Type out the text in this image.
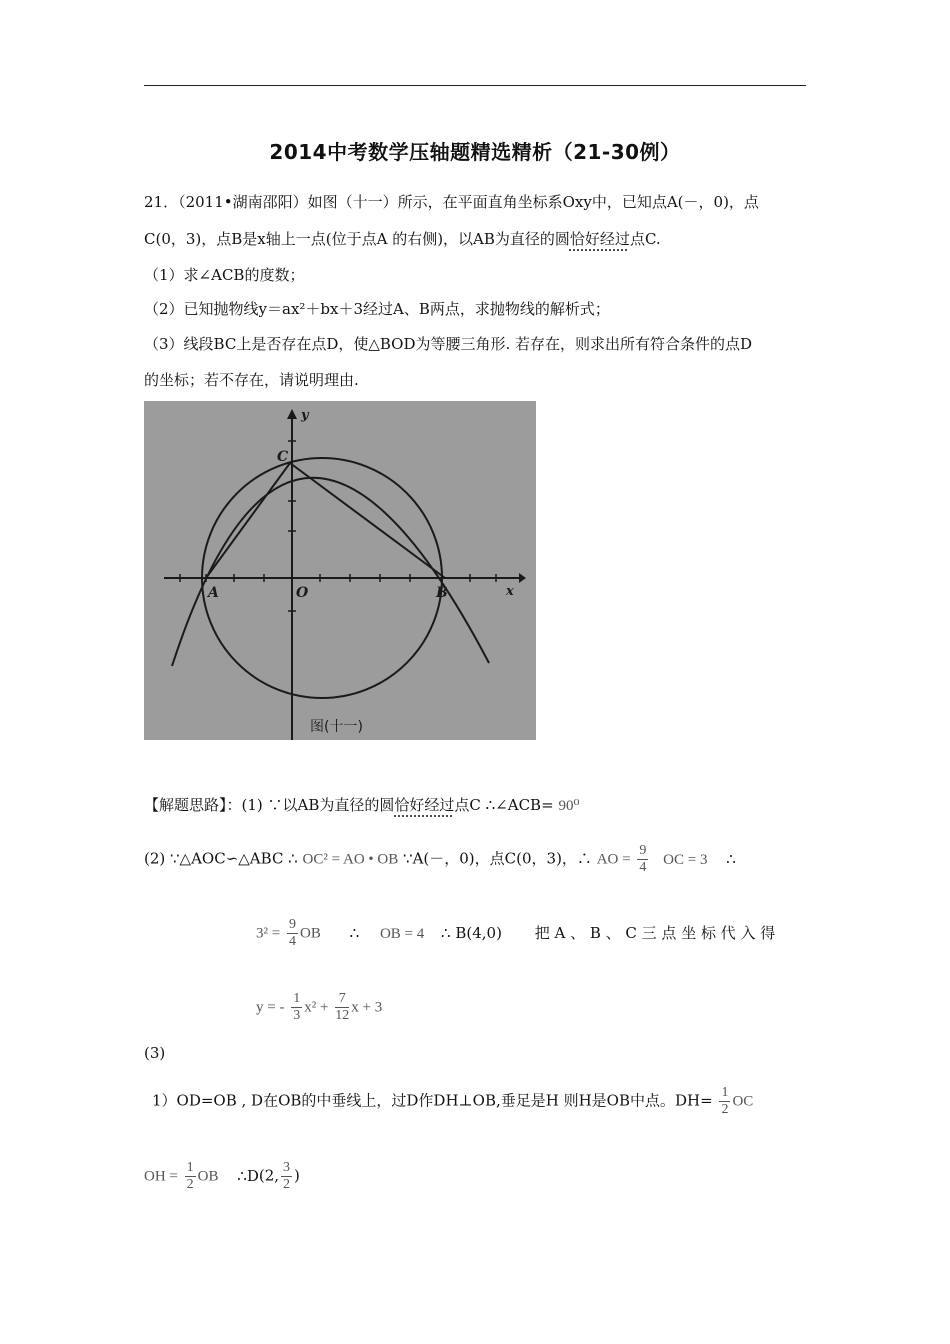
2014中考数学压轴题精选精析（21-30例）
21．（2011•湖南邵阳）如图（十一）所示，在平面直角坐标系Oxy中，已知点A(－，0)，点
C(0，3)，点B是x轴上一点(位于点A 的右侧)，以AB为直径的圆恰好经过点C.
（1）求∠ACB的度数；
（2）已知抛物线y＝ax²＋bx＋3经过A、B两点，求抛物线的解析式；
（3）线段BC上是否存在点D，使△BOD为等腰三角形. 若存在，则求出所有符合条件的点D
的坐标；若不存在，请说明理由.
y
x
C
A	O	B
图(十一)
【解题思路】：(1) ∵以AB为直径的圆恰好经过点C ∴∠ACB= 90⁰
(2) ∵△AOC∽△ABC ∴ OC² = AO • OB ∵A(－，0)，点C(0，3)，∴ AO = $\frac{9}{4}$ OC = 3 ∴
$3^2 = \frac{9}{4}$ OB ∴ OB = 4 ∴ B(4,0) 把 A 、 B 、 C 三 点 坐 标 代 入 得
y = - $\frac{1}{3} x^2 + \frac{7}{12}$ x + 3
(3)
1）OD=OB , D在OB的中垂线上，过D作DH⊥OB,垂足是H 则H是OB中点。$DH= \frac{1}{2}$ OC
OH = $\frac{1}{2}$ OB ∴D(2, $\frac{3}{2}$ )
